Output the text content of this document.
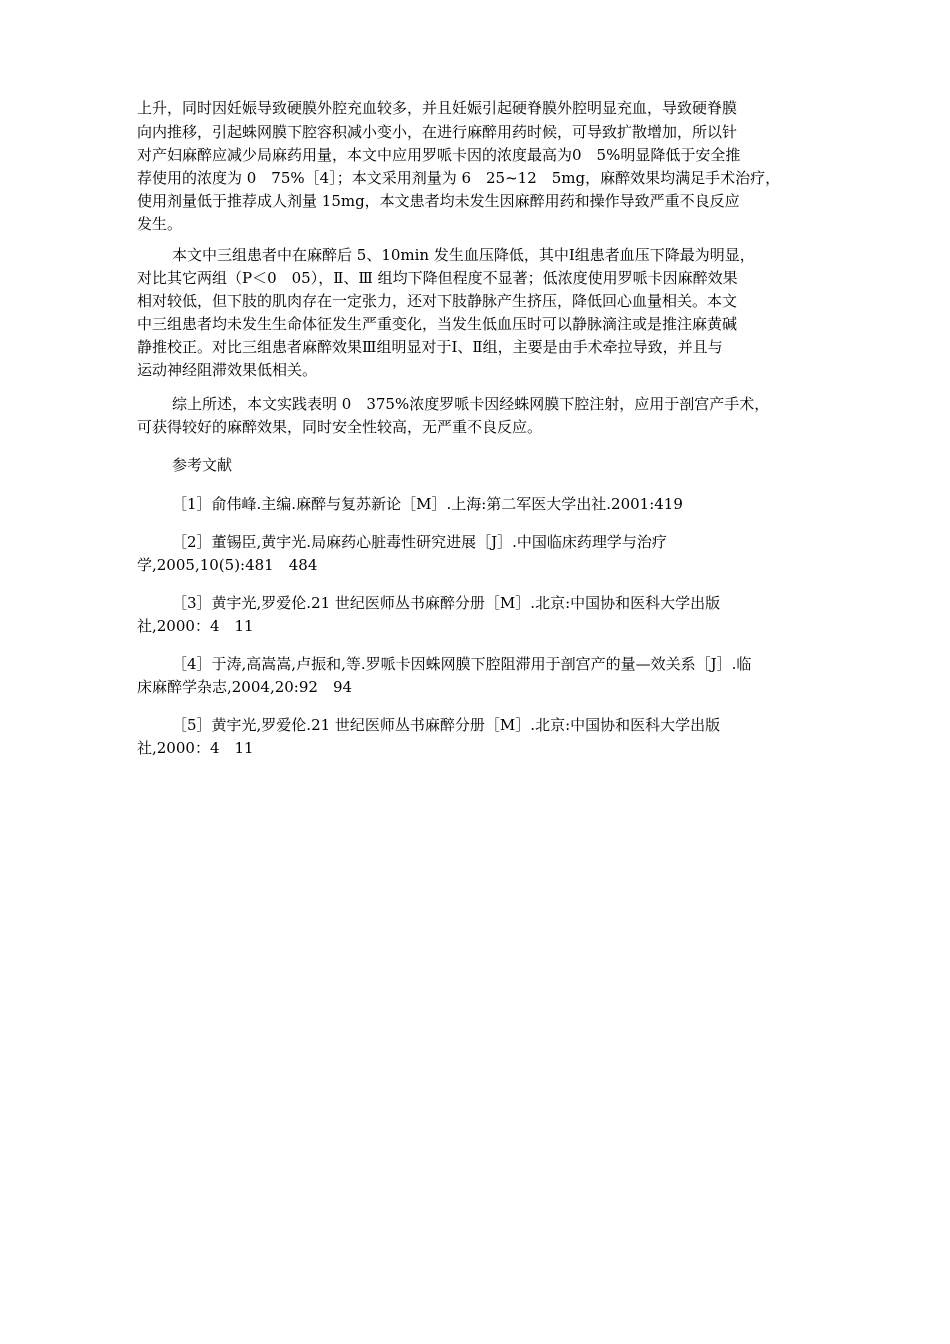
上升，同时因妊娠导致硬膜外腔充血较多，并且妊娠引起硬脊膜外腔明显充血，导致硬脊膜
向内推移，引起蛛网膜下腔容积减小变小，在进行麻醉用药时候，可导致扩散增加，所以针
对产妇麻醉应减少局麻药用量，本文中应用罗哌卡因的浓度最高为0　5%明显降低于安全推
荐使用的浓度为 0　75%［4］；本文采用剂量为 6　25~12　5mg，麻醉效果均满足手术治疗，
使用剂量低于推荐成人剂量 15mg，本文患者均未发生因麻醉用药和操作导致严重不良反应
发生。
本文中三组患者中在麻醉后 5、10min 发生血压降低，其中Ⅰ组患者血压下降最为明显，
对比其它两组（P＜0　05），Ⅱ、Ⅲ 组均下降但程度不显著；低浓度使用罗哌卡因麻醉效果
相对较低，但下肢的肌肉存在一定张力，还对下肢静脉产生挤压，降低回心血量相关。本文
中三组患者均未发生生命体征发生严重变化，当发生低血压时可以静脉滴注或是推注麻黄碱
静推校正。对比三组患者麻醉效果Ⅲ组明显对于Ⅰ、Ⅱ组，主要是由手术牵拉导致，并且与
运动神经阻滞效果低相关。
综上所述，本文实践表明 0　375%浓度罗哌卡因经蛛网膜下腔注射，应用于剖宫产手术，
可获得较好的麻醉效果，同时安全性较高，无严重不良反应。
参考文献
［1］俞伟峰.主编.麻醉与复苏新论［M］.上海:第二军医大学出社.2001:419
［2］董锡臣,黄宇光.局麻药心脏毒性研究进展［J］.中国临床药理学与治疗
学,2005,10(5):481　484
［3］黄宇光,罗爱伦.21 世纪医师丛书麻醉分册［M］.北京:中国协和医科大学出版
社,2000：4　11
［4］于涛,高嵩嵩,卢振和,等.罗哌卡因蛛网膜下腔阻滞用于剖宫产的量—效关系［J］.临
床麻醉学杂志,2004,20:92　94
［5］黄宇光,罗爱伦.21 世纪医师丛书麻醉分册［M］.北京:中国协和医科大学出版
社,2000：4　11
